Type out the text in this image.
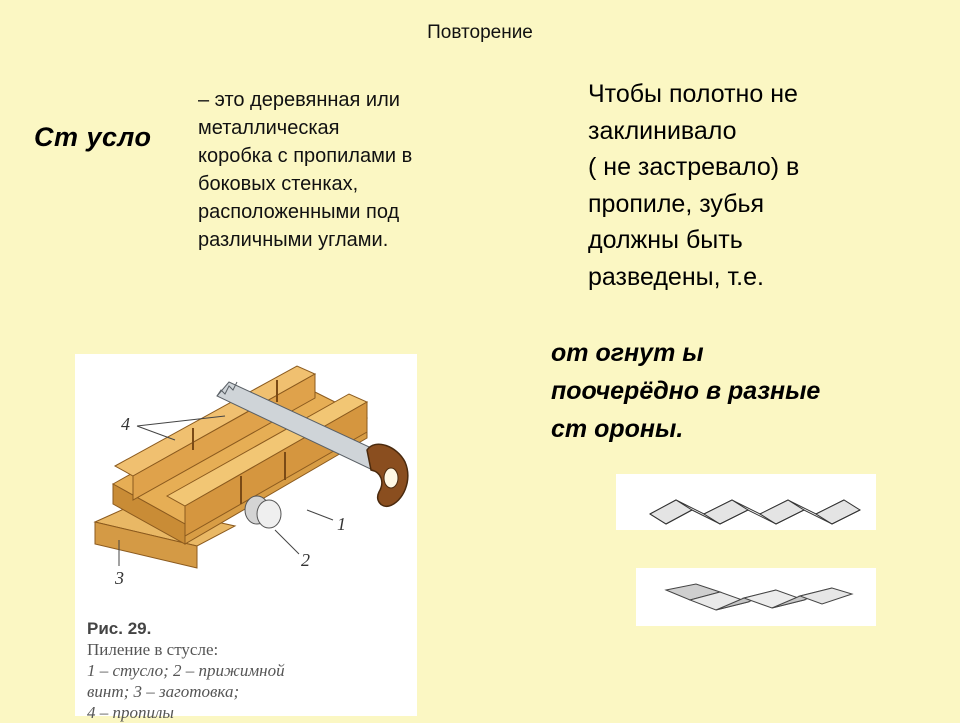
Повторение
Ст усло
– это деревянная или
металлическая
коробка с пропилами в
боковых стенках,
расположенными под
различными углами.
Чтобы полотно не
заклинивало
( не застревало) в
пропиле, зубья
должны быть
разведены, т.е.
от огнут ы
поочерёдно в разные
ст ороны.
4
1
2
3
Рис. 29.
Пиление в стусле:
1 – стусло; 2 – прижимной
винт; 3 – заготовка;
4 – пропилы
